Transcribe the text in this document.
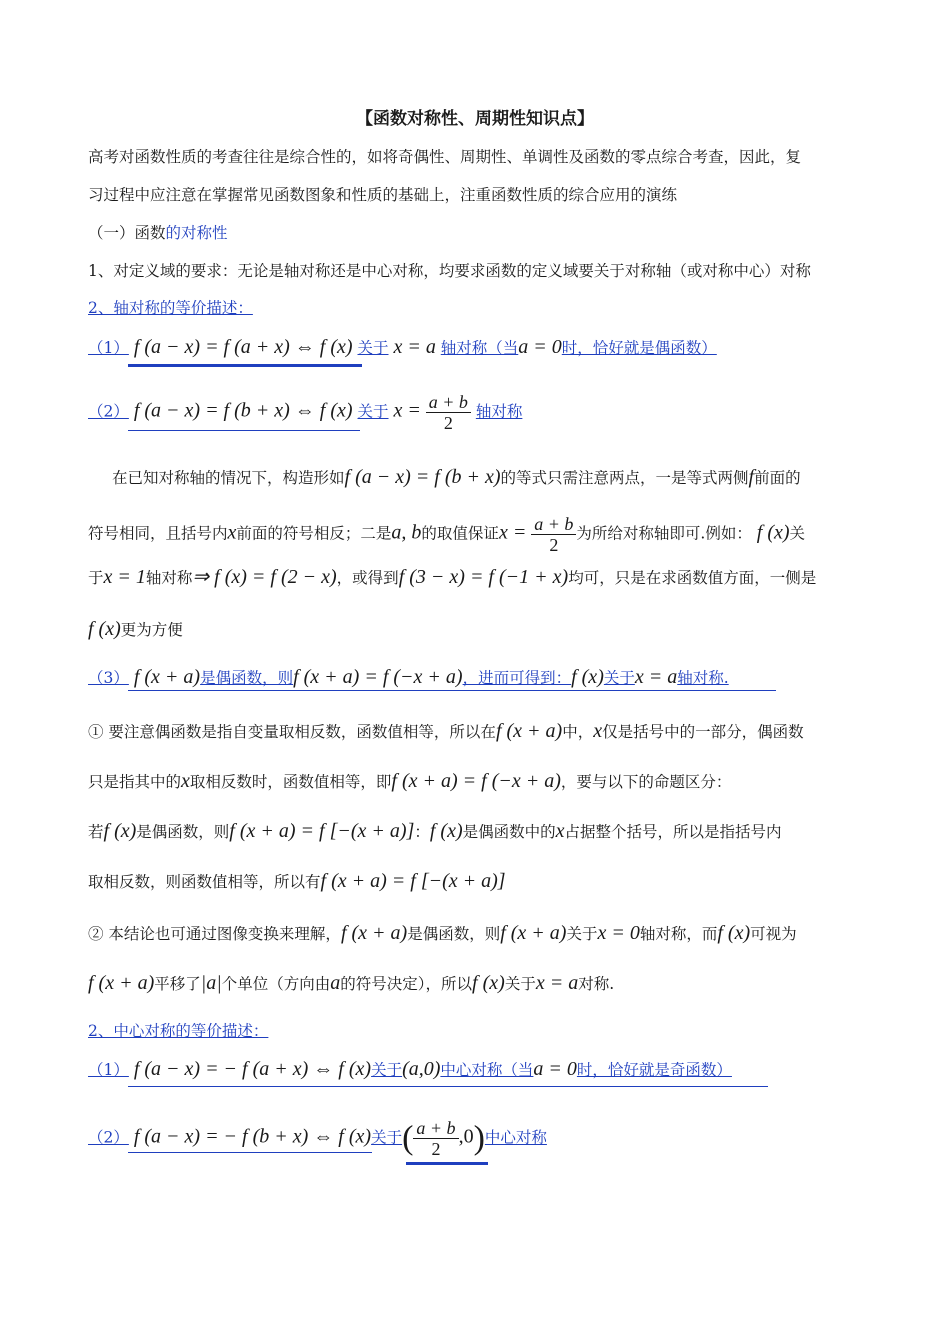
【函数对称性、周期性知识点】
高考对函数性质的考查往往是综合性的，如将奇偶性、周期性、单调性及函数的零点综合考查，因此，复
习过程中应注意在掌握常见函数图象和性质的基础上，注重函数性质的综合应用的演练
（一）函数的对称性
1、对定义域的要求：无论是轴对称还是中心对称，均要求函数的定义域要关于对称轴（或对称中心）对称
2、轴对称的等价描述：
（1） f (a − x) = f (a + x) ⇔ f (x) 关于 x = a 轴对称（当a = 0时，恰好就是偶函数）
（2） f (a − x) = f (b + x) ⇔ f (x) 关于 $x = \frac{a + b}{2}$ 轴对称
在已知对称轴的情况下，构造形如f (a − x) = f (b + x)的等式只需注意两点，一是等式两侧f前面的
符号相同，且括号内x前面的符号相反；二是a, b的取值保证$x = \frac{a + b}{2}$ 为所给对称轴即可.例如： f (x)关
于x = 1轴对称⇒ f (x) = f (2 − x)，或得到f (3 − x) = f (−1 + x)均可，只是在求函数值方面，一侧是
f (x)更为方便
（3） f (x + a)是偶函数，则f (x + a) = f (−x + a)，进而可得到：f (x)关于x = a轴对称.
① 要注意偶函数是指自变量取相反数，函数值相等，所以在f (x + a)中，x仅是括号中的一部分，偶函数
只是指其中的x取相反数时，函数值相等，即f (x + a) = f (−x + a)，要与以下的命题区分：
若f (x)是偶函数，则f (x + a) = f [−(x + a)]：f (x)是偶函数中的x占据整个括号，所以是指括号内
取相反数，则函数值相等，所以有f (x + a) = f [−(x + a)]
② 本结论也可通过图像变换来理解，f (x + a)是偶函数，则f (x + a)关于x = 0轴对称，而f (x)可视为
f (x + a)平移了|a|个单位（方向由a的符号决定），所以f (x)关于x = a对称.
2、中心对称的等价描述：
（1） f (a − x) = − f (a + x) ⇔ f (x)关于(a,0)中心对称（当a = 0时，恰好就是奇函数）
（2） f (a − x) = − f (b + x) ⇔ f (x)关于( $\frac{a + b}{2} ,0$)中心对称
